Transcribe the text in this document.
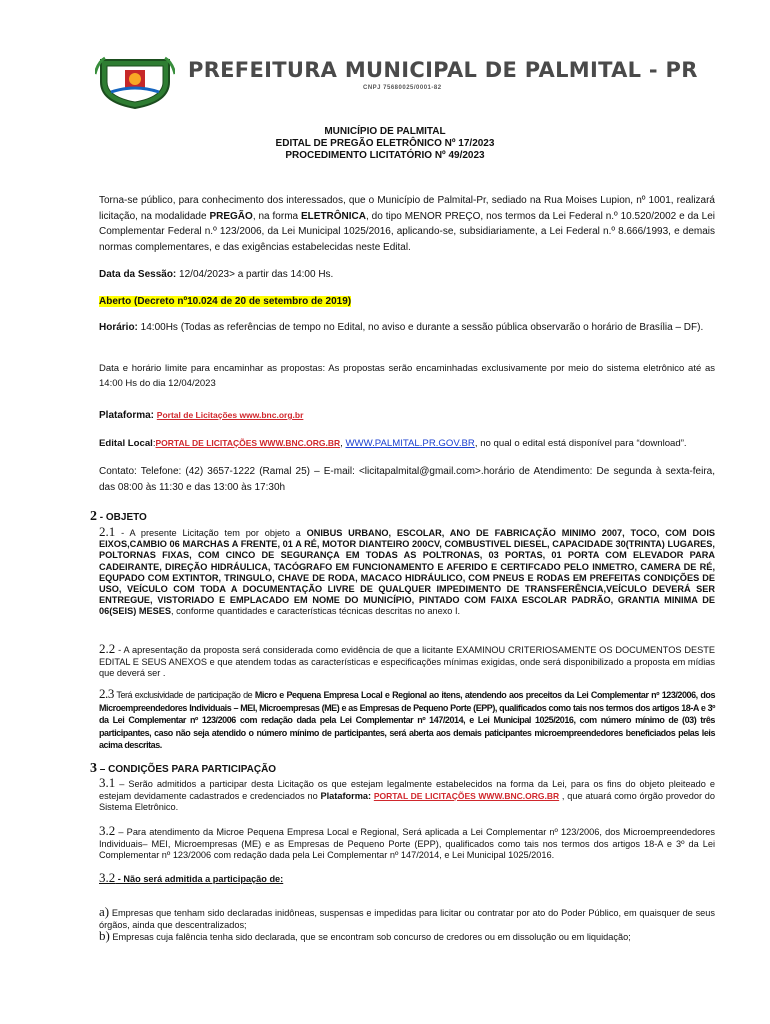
PREFEITURA MUNICIPAL DE PALMITAL - PR
CNPJ 75680025/0001-82
MUNICÍPIO DE PALMITAL
EDITAL DE PREGÃO ELETRÔNICO Nº 17/2023
PROCEDIMENTO LICITATÓRIO Nº 49/2023
Torna-se público, para conhecimento dos interessados, que o Município de Palmital-Pr, sediado na Rua Moises Lupion, nº 1001, realizará licitação, na modalidade PREGÃO, na forma ELETRÔNICA, do tipo MENOR PREÇO, nos termos da Lei Federal n.º 10.520/2002 e da Lei Complementar Federal n.º 123/2006, da Lei Municipal 1025/2016, aplicando-se, subsidiariamente, a Lei Federal n.º 8.666/1993, e demais normas complementares, e das exigências estabelecidas neste Edital.
Data da Sessão: 12/04/2023> a partir das 14:00 Hs.
Aberto (Decreto nº10.024 de 20 de setembro de 2019)
Horário: 14:00Hs (Todas as referências de tempo no Edital, no aviso e durante a sessão pública observarão o horário de Brasília – DF).
Data e horário limite para encaminhar as propostas: As propostas serão encaminhadas exclusivamente por meio do sistema eletrônico até as 14:00 Hs do dia 12/04/2023
Plataforma: Portal de Licitações www.bnc.org.br
Edital Local:PORTAL DE LICITAÇÕES WWW.BNC.ORG.BR, WWW.PALMITAL.PR.GOV.BR, no qual o edital está disponível para “download”.
Contato: Telefone: (42) 3657-1222 (Ramal 25) – E-mail: <licitapalmital@gmail.com>.horário de Atendimento: De segunda à sexta-feira, das 08:00 às 11:30 e das 13:00 às 17:30h
2 - OBJETO
2.1 - A presente Licitação tem por objeto a ONIBUS URBANO, ESCOLAR, ANO DE FABRICAÇÃO MINIMO 2007, TOCO, COM DOIS EIXOS,CAMBIO 06 MARCHAS A FRENTE, 01 A RÉ, MOTOR DIANTEIRO 200CV, COMBUSTIVEL DIESEL, CAPACIDADE 30(TRINTA) LUGARES, POLTORNAS FIXAS, COM CINCO DE SEGURANÇA EM TODAS AS POLTRONAS, 03 PORTAS, 01 PORTA COM ELEVADOR PARA CADEIRANTE, DIREÇÃO HIDRÁULICA, TACÓGRAFO EM FUNCIONAMENTO E AFERIDO E CERTIFCADO PELO INMETRO, CAMERA DE RÉ, EQUPADO COM EXTINTOR, TRINGULO, CHAVE DE RODA, MACACO HIDRÁULICO, COM PNEUS E RODAS EM PREFEITAS CONDIÇÕES DE USO, VEÍCULO COM TODA A DOCUMENTAÇÃO LIVRE DE QUALQUER IMPEDIMENTO DE TRANSFERÊNCIA,VEÍCULO DEVERÁ SER ENTREGUE, VISTORIADO E EMPLACADO EM NOME DO MUNICÍPIO, PINTADO COM FAIXA ESCOLAR PADRÃO, GRANTIA MINIMA DE 06(SEIS) MESES, conforme quantidades e características técnicas descritas no anexo I.
2.2 - A apresentação da proposta será considerada como evidência de que a licitante EXAMINOU CRITERIOSAMENTE OS DOCUMENTOS DESTE EDITAL E SEUS ANEXOS e que atendem todas as características e especificações mínimas exigidas, onde será disponibilizado a proposta em mídias que deverá ser .
2.3 Terá exclusividade de participação de Micro e Pequena Empresa Local e Regional ao itens, atendendo aos preceitos da Lei Complementar nº 123/2006, dos Microempreendedores Individuais – MEI, Microempresas (ME) e as Empresas de Pequeno Porte (EPP), qualificados como tais nos termos dos artigos 18-A e 3º da Lei Complementar nº 123/2006 com redação dada pela Lei Complementar nº 147/2014, e Lei Municipal 1025/2016, com número mínimo de (03) três participantes, caso não seja atendido o número mínimo de participantes, será aberta aos demais paticipantes microempreendedores beneficiados pelas leis acima descritas.
3 – CONDIÇÕES PARA PARTICIPAÇÃO
3.1 – Serão admitidos a participar desta Licitação os que estejam legalmente estabelecidos na forma da Lei, para os fins do objeto pleiteado e estejam devidamente cadastrados e credenciados no Plataforma: PORTAL DE LICITAÇÕES WWW.BNC.ORG.BR , que atuará como órgão provedor do Sistema Eletrônico.
3.2 – Para atendimento da Microe Pequena Empresa Local e Regional, Será aplicada a Lei Complementar nº 123/2006, dos Microempreendedores Individuais– MEI, Microempresas (ME) e as Empresas de Pequeno Porte (EPP), qualificados como tais nos termos dos artigos 18-A e 3º da Lei Complementar nº 123/2006 com redação dada pela Lei Complementar nº 147/2014, e Lei Municipal 1025/2016.
3.2 - Não será admitida a participação de:
a) Empresas que tenham sido declaradas inidôneas, suspensas e impedidas para licitar ou contratar por ato do Poder Público, em quaisquer de seus órgãos, ainda que descentralizados;
b) Empresas cuja falência tenha sido declarada, que se encontram sob concurso de credores ou em dissolução ou em liquidação;
